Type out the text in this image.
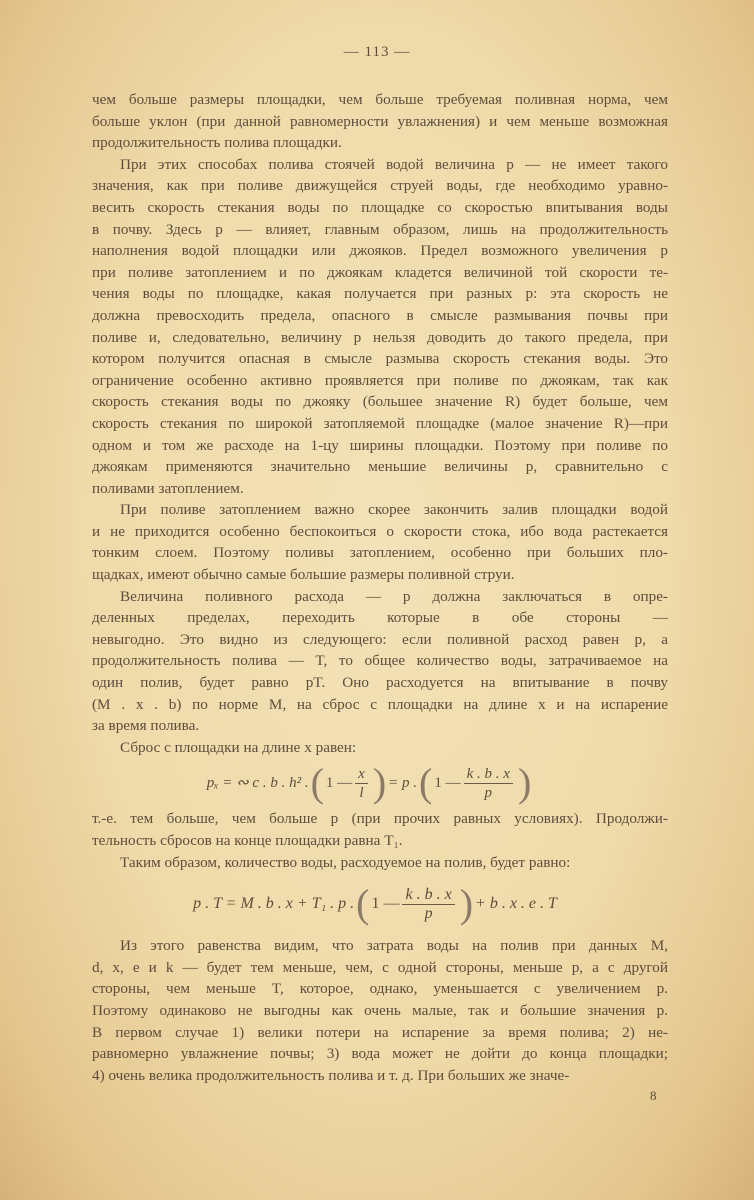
— 113 —
чем больше размеры площадки, чем больше требуемая поливная норма, чем
больше уклон (при данной равномерности увлажнения) и чем меньше возможная
продолжительность полива площадки.
При этих способах полива стоячей водой величина p — не имеет такого
значения, как при поливе движущейся струей воды, где необходимо уравно-
весить скорость стекания воды по площадке со скоростью впитывания воды
в почву. Здесь p — влияет, главным образом, лишь на продолжительность
наполнения водой площадки или джояков. Предел возможного увеличения p
при поливе затоплением и по джоякам кладется величиной той скорости те-
чения воды по площадке, какая получается при разных p: эта скорость не
должна превосходить предела, опасного в смысле размывания почвы при
поливе и, следовательно, величину p нельзя доводить до такого предела, при
котором получится опасная в смысле размыва скорость стекания воды. Это
ограничение особенно активно проявляется при поливе по джоякам, так как
скорость стекания воды по джояку (большее значение R) будет больше, чем
скорость стекания по широкой затопляемой площадке (малое значение R)—при
одном и том же расходе на 1-цу ширины площадки. Поэтому при поливе по
джоякам применяются значительно меньшие величины p, сравнительно с
поливами затоплением.
При поливе затоплением важно скорее закончить залив площадки водой
и не приходится особенно беспокоиться о скорости стока, ибо вода растекается
тонким слоем. Поэтому поливы затоплением, особенно при больших пло-
щадках, имеют обычно самые большие размеры поливной струи.
Величина поливного расхода — p должна заключаться в опре-
деленных пределах, переходить которые в обе стороны —
невыгодно. Это видно из следующего: если поливной расход равен p, а
продолжительность полива — T, то общее количество воды, затрачиваемое на
один полив, будет равно pT. Оно расходуется на впитывание в почву
(M . x . b) по норме M, на сброс с площадки на длине x и на испарение
за время полива.
Сброс с площадки на длине x равен:
pₓ = ∾ c . b . h² . ( 1 — $\frac{x}{l}$ ) = p . ( 1 — $\frac{k . b . x}{p}$ )
т.-е. тем больше, чем больше p (при прочих равных условиях). Продолжи-
тельность сбросов на конце площадки равна T₁.
Таким образом, количество воды, расходуемое на полив, будет равно:
p . T = M . b . x + T₁ . p . ( 1 — $\frac{k . b . x}{p}$ ) + b . x . e . T
Из этого равенства видим, что затрата воды на полив при данных M,
d, x, e и k — будет тем меньше, чем, с одной стороны, меньше p, а с другой
стороны, чем меньше T, которое, однако, уменьшается с увеличением p.
Поэтому одинаково не выгодны как очень малые, так и большие значения p.
В первом случае 1) велики потери на испарение за время полива; 2) не-
равномерно увлажнение почвы; 3) вода может не дойти до конца площадки;
4) очень велика продолжительность полива и т. д. При больших же значе-
8
